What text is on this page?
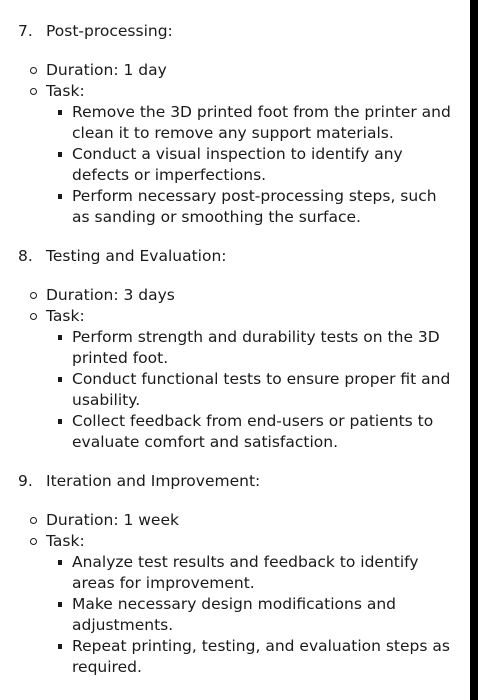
7. Post-processing:
Duration: 1 day
Task:
Remove the 3D printed foot from the printer and clean it to remove any support materials.
Conduct a visual inspection to identify any defects or imperfections.
Perform necessary post-processing steps, such as sanding or smoothing the surface.
8. Testing and Evaluation:
Duration: 3 days
Task:
Perform strength and durability tests on the 3D printed foot.
Conduct functional tests to ensure proper fit and usability.
Collect feedback from end-users or patients to evaluate comfort and satisfaction.
9. Iteration and Improvement:
Duration: 1 week
Task:
Analyze test results and feedback to identify areas for improvement.
Make necessary design modifications and adjustments.
Repeat printing, testing, and evaluation steps as required.
